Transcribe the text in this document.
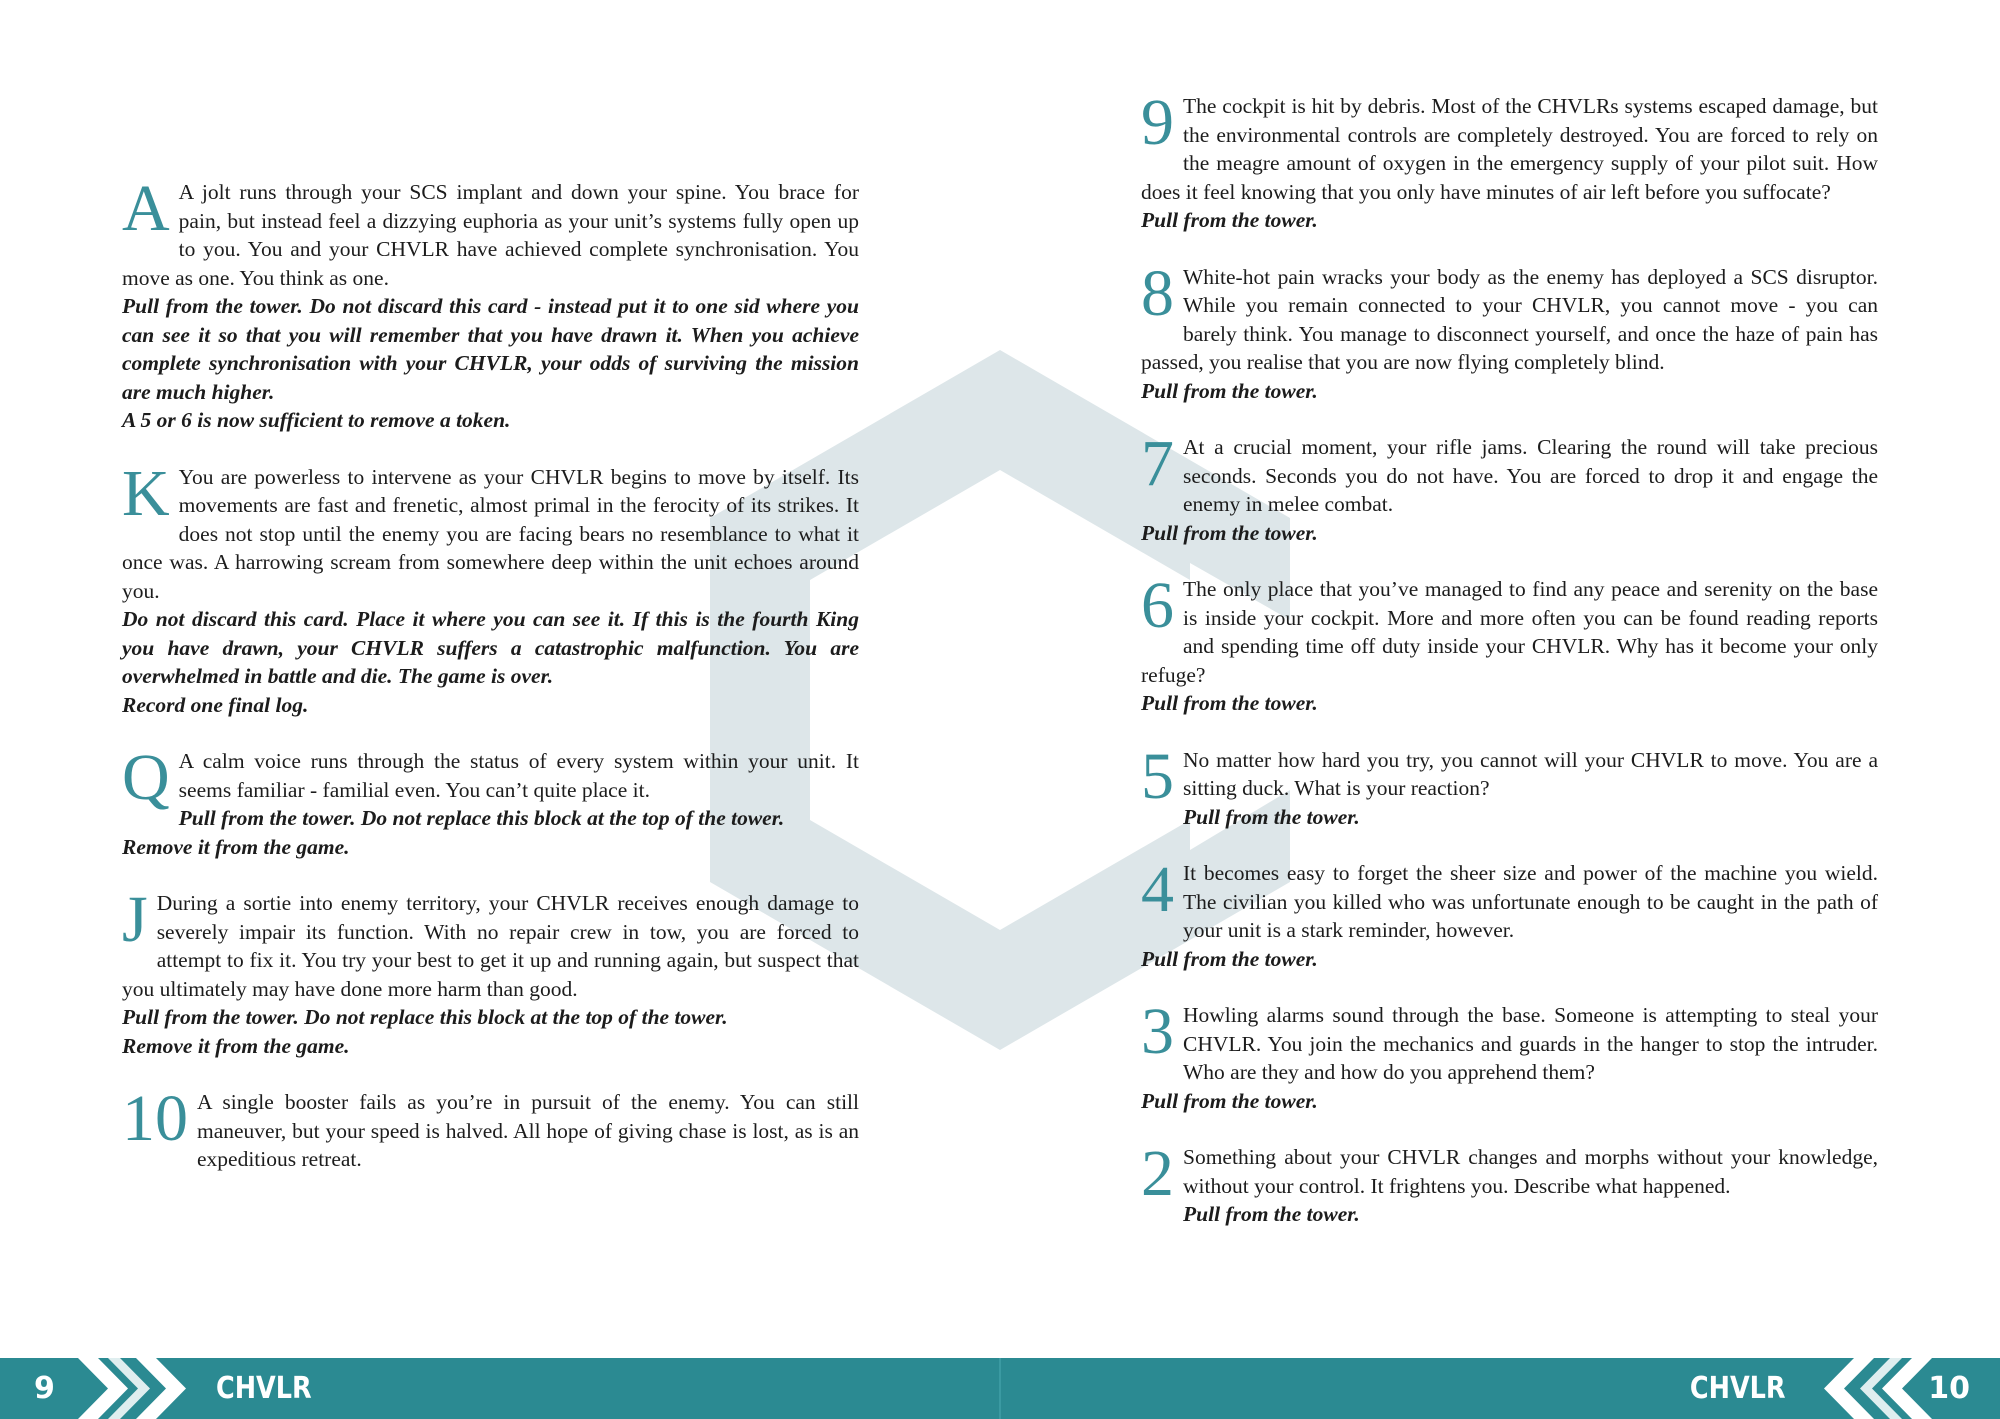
A A jolt runs through your SCS implant and down your spine. You brace for pain, but instead feel a dizzying euphoria as your unit’s systems fully open up to you. You and your CHVLR have achieved complete synchronisation. You move as one. You think as one.
Pull from the tower. Do not discard this card - instead put it to one sid where you can see it so that you will remember that you have drawn it. When you achieve complete synchronisation with your CHVLR, your odds of surviving the mission are much higher.
A 5 or 6 is now sufficient to remove a token.
K You are powerless to intervene as your CHVLR begins to move by itself. Its movements are fast and frenetic, almost primal in the ferocity of its strikes. It does not stop until the enemy you are facing bears no resemblance to what it once was. A harrowing scream from somewhere deep within the unit echoes around you.
Do not discard this card. Place it where you can see it. If this is the fourth King you have drawn, your CHVLR suffers a catastrophic malfunction. You are overwhelmed in battle and die. The game is over.
Record one final log.
Q A calm voice runs through the status of every system within your unit. It seems familiar - familial even. You can’t quite place it.
Pull from the tower. Do not replace this block at the top of the tower.
Remove it from the game.
J During a sortie into enemy territory, your CHVLR receives enough damage to severely impair its function. With no repair crew in tow, you are forced to attempt to fix it. You try your best to get it up and running again, but suspect that you ultimately may have done more harm than good.
Pull from the tower. Do not replace this block at the top of the tower.
Remove it from the game.
10 A single booster fails as you’re in pursuit of the enemy. You can still maneuver, but your speed is halved. All hope of giving chase is lost, as is an expeditious retreat.
9 The cockpit is hit by debris. Most of the CHVLRs systems escaped damage, but the environmental controls are completely destroyed. You are forced to rely on the meagre amount of oxygen in the emergency supply of your pilot suit. How does it feel knowing that you only have minutes of air left before you suffocate?
Pull from the tower.
8 White-hot pain wracks your body as the enemy has deployed a SCS disruptor. While you remain connected to your CHVLR, you cannot move - you can barely think. You manage to disconnect yourself, and once the haze of pain has passed, you realise that you are now flying completely blind.
Pull from the tower.
7 At a crucial moment, your rifle jams. Clearing the round will take precious seconds. Seconds you do not have. You are forced to drop it and engage the enemy in melee combat.
Pull from the tower.
6 The only place that you’ve managed to find any peace and serenity on the base is inside your cockpit. More and more often you can be found reading reports and spending time off duty inside your CHVLR. Why has it become your only refuge?
Pull from the tower.
5 No matter how hard you try, you cannot will your CHVLR to move. You are a sitting duck. What is your reaction?
Pull from the tower.
4 It becomes easy to forget the sheer size and power of the machine you wield. The civilian you killed who was unfortunate enough to be caught in the path of your unit is a stark reminder, however.
Pull from the tower.
3 Howling alarms sound through the base. Someone is attempting to steal your CHVLR. You join the mechanics and guards in the hanger to stop the intruder. Who are they and how do you apprehend them?
Pull from the tower.
2 Something about your CHVLR changes and morphs without your knowledge, without your control. It frightens you. Describe what happened.
Pull from the tower.
9	CHVLR	CHVLR	10
